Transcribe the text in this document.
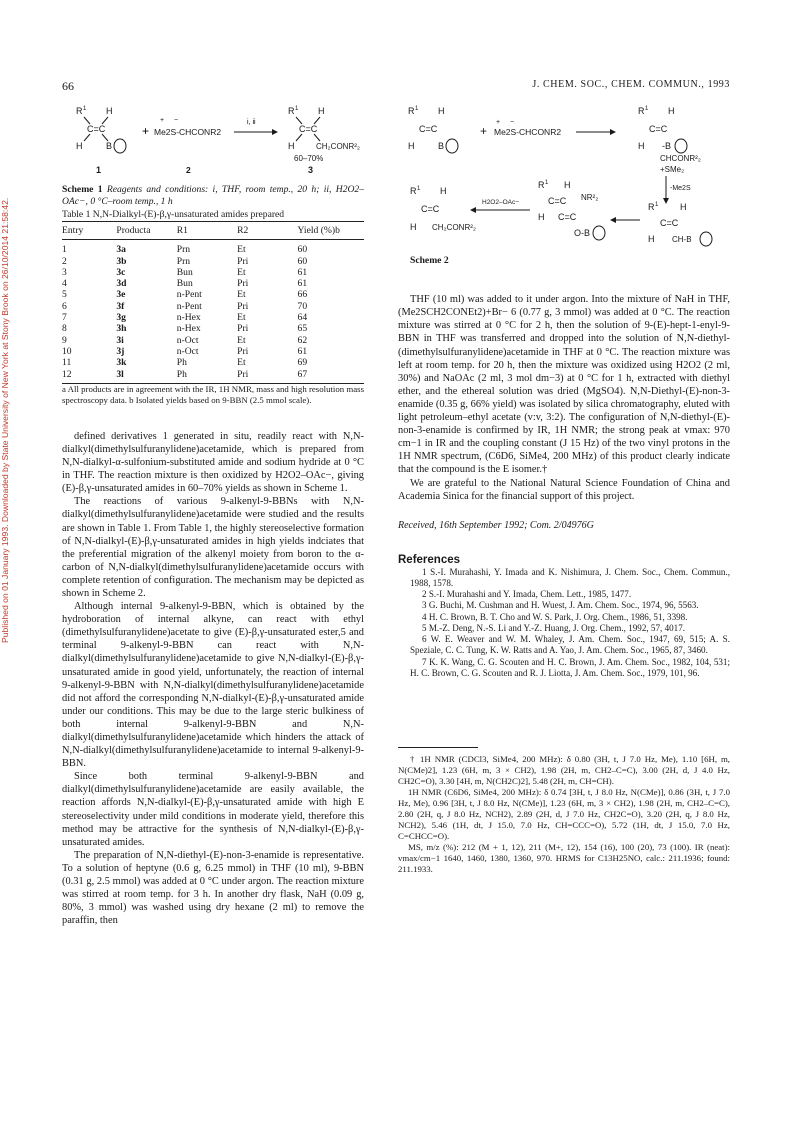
Published on 01 January 1993. Downloaded by State University of New York at Stony Brook on 26/10/2014 21:58:42.
66	J. CHEM. SOC., CHEM. COMMUN., 1993
R 1 H
C=C
H	B
1
+
+ −
Me2S-CHCONR2
2
i, ii
R 1 H
C=C
H	CH₂CONR²₂
60–70%
3

Scheme 1 Reagents and conditions: i, THF, room temp., 20 h; ii, H2O2–OAc−, 0 °C–room temp., 1 h

Table 1 N,N-Dialkyl-(E)-β,γ-unsaturated amides prepared

Entry	Producta	R1	R2	Yield (%)b
1	3a	Prn	Et	60
2	3b	Prn	Pri	60
3	3c	Bun	Et	61
4	3d	Bun	Pri	61
5	3e	n-Pent	Et	66
6	3f	n-Pent	Pri	70
7	3g	n-Hex	Et	64
8	3h	n-Hex	Pri	65
9	3i	n-Oct	Et	62
10	3j	n-Oct	Pri	61
11	3k	Ph	Et	69
12	3l	Ph	Pri	67

a All products are in agreement with the IR, 1H NMR, mass and high resolution mass spectroscopy data. b Isolated yields based on 9-BBN (2.5 mmol scale).

defined derivatives 1 generated in situ, readily react with N,N-dialkyl(dimethylsulfuranylidene)acetamide, which is prepared from N,N-dialkyl-α-sulfonium-substituted amide and sodium hydride at 0 °C in THF. The reaction mixture is then oxidized by H2O2–OAc−, giving (E)-β,γ-unsaturated amides in 60–70% yields as shown in Scheme 1.

The reactions of various 9-alkenyl-9-BBNs with N,N-dialkyl(dimethylsulfuranylidene)acetamide were studied and the results are shown in Table 1. From Table 1, the highly stereoselective formation of N,N-dialkyl-(E)-β,γ-unsaturated amides in high yields indciates that the preferential migration of the alkenyl moiety from boron to the α-carbon of N,N-dialkyl(dimethylsulfuranylidene)acetamide occurs with complete retention of configuration. The mechanism may be depicted as shown in Scheme 2.

Although internal 9-alkenyl-9-BBN, which is obtained by the hydroboration of internal alkyne, can react with ethyl (dimethylsulfuranylidene)acetate to give (E)-β,γ-unsaturated ester,5 and terminal 9-alkenyl-9-BBN can react with N,N-dialkyl(dimethylsulfuranylidene)acetamide to give N,N-dialkyl-(E)-β,γ-unsaturated amide in good yield, unfortunately, the reaction of internal 9-alkenyl-9-BBN with N,N-dialkyl(dimethylsulfuranylidene)acetamide did not afford the corresponding N,N-dialkyl-(E)-β,γ-unsaturated amide under our conditions. This may be due to the large steric bulkiness of both internal 9-alkenyl-9-BBN and N,N-dialkyl(dimethylsulfuranylidene)acetamide which hinders the attack of N,N-dialkyl(dimethylsulfuranylidene)acetamide to internal 9-alkenyl-9-BBN.

Since both terminal 9-alkenyl-9-BBN and dialkyl(dimethylsulfuranylidene)acetamide are easily available, the reaction affords N,N-dialkyl-(E)-β,γ-unsaturated amide with high E stereoselectivity under mild conditions in moderate yield, therefore this method may be attractive for the synthesis of N,N-dialkyl-(E)-β,γ-unsaturated amides.

The preparation of N,N-diethyl-(E)-non-3-enamide is representative. To a solution of heptyne (0.6 g, 6.25 mmol) in THF (10 ml), 9-BBN (0.31 g, 2.5 mmol) was added at 0 °C under argon. The reaction mixture was stirred at room temp. for 3 h. In another dry flask, NaH (0.09 g, 80%, 3 mmol) was washed using dry hexane (2 ml) to remove the paraffin, then

R 1 H
C=C
H	B
+
+ −
Me2S-CHCONR2
R 1 H
C=C
H -B
CHCONR²₂
+SMe₂
-Me2S
R 1 H
C=C
H CH-B
R 1 H
C=C NR²₂
H C=C
O-B
H2O2–OAc−
R 1 H
C=C
H CH₂CONR²₂

Scheme 2

THF (10 ml) was added to it under argon. Into the mixture of NaH in THF, (Me2SCH2CONEt2)+Br− 6 (0.77 g, 3 mmol) was added at 0 °C. The reaction mixture was stirred at 0 °C for 2 h, then the solution of 9-(E)-hept-1-enyl-9-BBN in THF was transferred and dropped into the solution of N,N-diethyl-(dimethylsulfuranylidene)acetamide in THF at 0 °C. The reaction mixture was left at room temp. for 20 h, then the mixture was oxidized using H2O2 (2 ml, 30%) and NaOAc (2 ml, 3 mol dm−3) at 0 °C for 1 h, extracted with diethyl ether, and the ethereal solution was dried (MgSO4). N,N-Diethyl-(E)-non-3-enamide (0.35 g, 66% yield) was isolated by silica chromatography, eluted with light petroleum–ethyl acetate (v:v, 3:2). The configuration of N,N-diethyl-(E)-non-3-enamide is confirmed by IR, 1H NMR; the strong peak at vmax: 970 cm−1 in IR and the coupling constant (J 15 Hz) of the two vinyl protons in the 1H NMR spectrum, (C6D6, SiMe4, 200 MHz) of this product clearly indicate that the compound is the E isomer.†

We are grateful to the National Natural Science Foundation of China and Academia Sinica for the financial support of this project.

Received, 16th September 1992; Com. 2/04976G

References

1 S.-I. Murahashi, Y. Imada and K. Nishimura, J. Chem. Soc., Chem. Commun., 1988, 1578.

2 S.-I. Murahashi and Y. Imada, Chem. Lett., 1985, 1477.

3 G. Buchi, M. Cushman and H. Wuest, J. Am. Chem. Soc., 1974, 96, 5563.

4 H. C. Brown, B. T. Cho and W. S. Park, J. Org. Chem., 1986, 51, 3398.

5 M.-Z. Deng, N.-S. Li and Y.-Z. Huang, J. Org. Chem., 1992, 57, 4017.

6 W. E. Weaver and W. M. Whaley, J. Am. Chem. Soc., 1947, 69, 515; A. S. Speziale, C. C. Tung, K. W. Ratts and A. Yao, J. Am. Chem. Soc., 1965, 87, 3460.

7 K. K. Wang, C. G. Scouten and H. C. Brown, J. Am. Chem. Soc., 1982, 104, 531; H. C. Brown, C. G. Scouten and R. J. Liotta, J. Am. Chem. Soc., 1979, 101, 96.

† 1H NMR (CDCl3, SiMe4, 200 MHz): δ 0.80 (3H, t, J 7.0 Hz, Me), 1.10 [6H, m, N(CMe)2], 1.23 (6H, m, 3 × CH2), 1.98 (2H, m, CH2–C=C), 3.00 (2H, d, J 4.0 Hz, CH2C=O), 3.30 [4H, m, N(CH2C)2], 5.48 (2H, m, CH=CH).

1H NMR (C6D6, SiMe4, 200 MHz): δ 0.74 [3H, t, J 8.0 Hz, N(CMe)], 0.86 (3H, t, J 7.0 Hz, Me), 0.96 [3H, t, J 8.0 Hz, N(CMe)], 1.23 (6H, m, 3 × CH2), 1.98 (2H, m, CH2–C=C), 2.80 (2H, q, J 8.0 Hz, NCH2), 2.89 (2H, d, J 7.0 Hz, CH2C=O), 3.20 (2H, q, J 8.0 Hz, NCH2), 5.46 (1H, dt, J 15.0, 7.0 Hz, CH=CCC=O), 5.72 (1H, dt, J 15.0, 7.0 Hz, C=CHCC=O).

MS, m/z (%): 212 (M + 1, 12), 211 (M+, 12), 154 (16), 100 (20), 73 (100). IR (neat): vmax/cm−1 1640, 1460, 1380, 1360, 970. HRMS for C13H25NO, calc.: 211.1936; found: 211.1933.
